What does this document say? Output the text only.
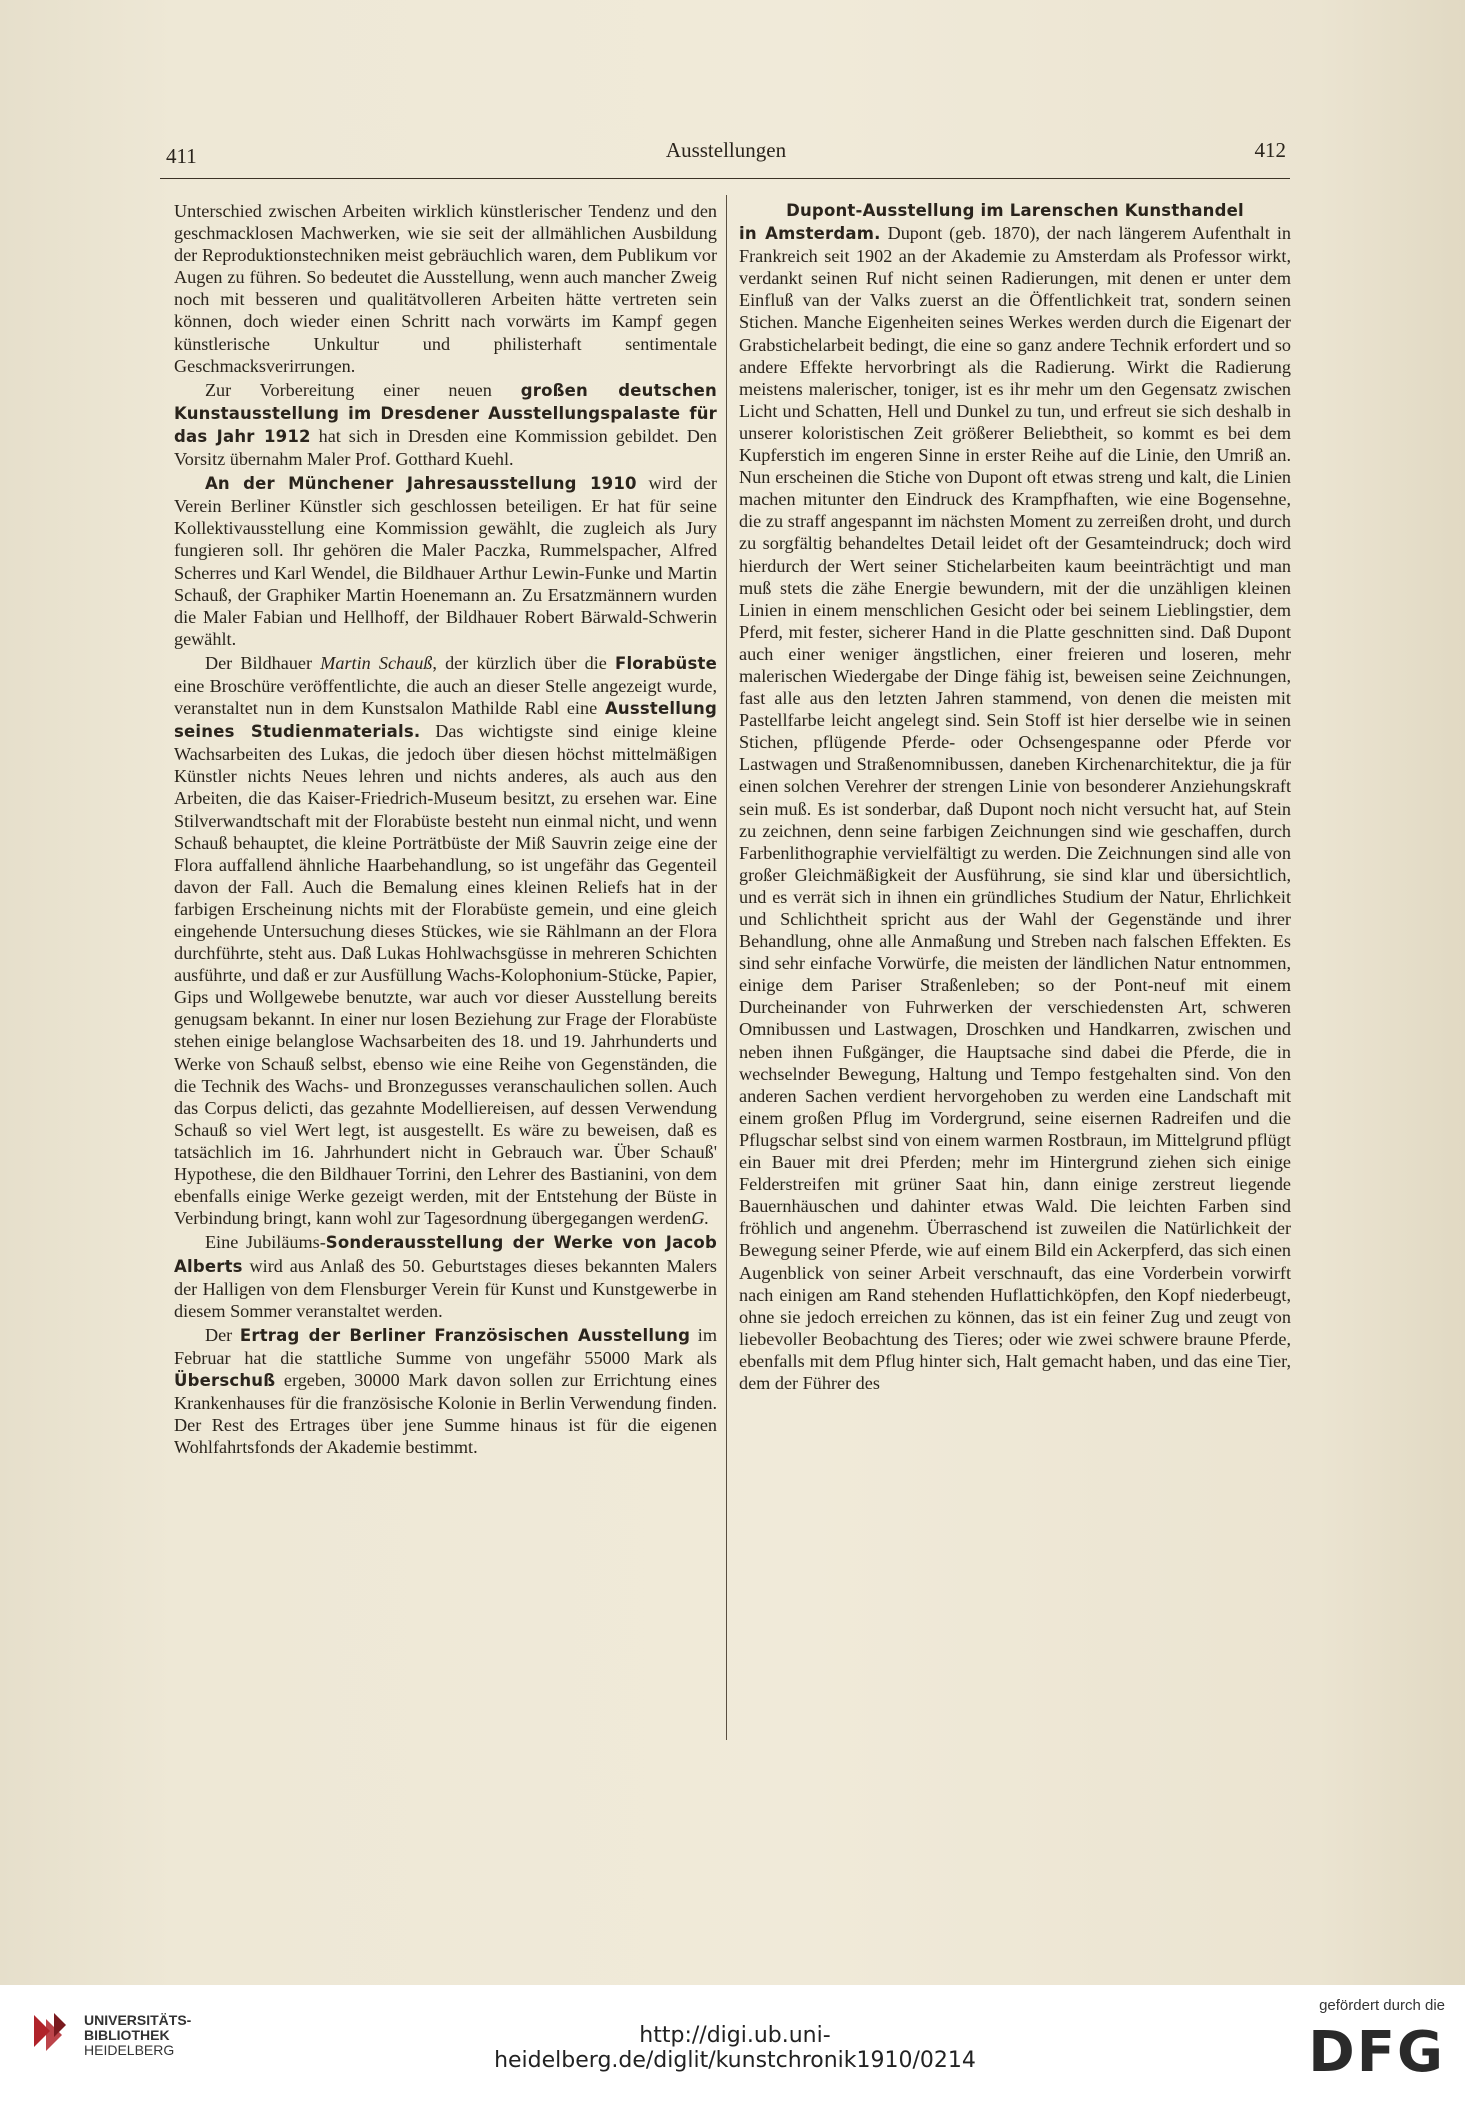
411	Ausstellungen	412

Unterschied zwischen Arbeiten wirklich künstlerischer Tendenz und den geschmacklosen Machwerken, wie sie seit der allmählichen Ausbildung der Reproduktionstechniken meist gebräuchlich waren, dem Publikum vor Augen zu führen. So bedeutet die Ausstellung, wenn auch mancher Zweig noch mit besseren und qualitätvolleren Arbeiten hätte vertreten sein können, doch wieder einen Schritt nach vorwärts im Kampf gegen künstlerische Unkultur und philisterhaft sentimentale Geschmacksverirrungen.

Zur Vorbereitung einer neuen großen deutschen Kunstausstellung im Dresdener Ausstellungspalaste für das Jahr 1912 hat sich in Dresden eine Kommission gebildet. Den Vorsitz übernahm Maler Prof. Gotthard Kuehl.

An der Münchener Jahresausstellung 1910 wird der Verein Berliner Künstler sich geschlossen beteiligen. Er hat für seine Kollektivausstellung eine Kommission gewählt, die zugleich als Jury fungieren soll. Ihr gehören die Maler Paczka, Rummelspacher, Alfred Scherres und Karl Wendel, die Bildhauer Arthur Lewin-Funke und Martin Schauß, der Graphiker Martin Hoenemann an. Zu Ersatzmännern wurden die Maler Fabian und Hellhoff, der Bildhauer Robert Bärwald-Schwerin gewählt.

Der Bildhauer Martin Schauß, der kürzlich über die Florabüste eine Broschüre veröffentlichte, die auch an dieser Stelle angezeigt wurde, veranstaltet nun in dem Kunstsalon Mathilde Rabl eine Ausstellung seines Studienmaterials. Das wichtigste sind einige kleine Wachsarbeiten des Lukas, die jedoch über diesen höchst mittelmäßigen Künstler nichts Neues lehren und nichts anderes, als auch aus den Arbeiten, die das Kaiser-Friedrich-Museum besitzt, zu ersehen war. Eine Stilverwandtschaft mit der Florabüste besteht nun einmal nicht, und wenn Schauß behauptet, die kleine Porträtbüste der Miß Sauvrin zeige eine der Flora auffallend ähnliche Haarbehandlung, so ist ungefähr das Gegenteil davon der Fall. Auch die Bemalung eines kleinen Reliefs hat in der farbigen Erscheinung nichts mit der Florabüste gemein, und eine gleich eingehende Untersuchung dieses Stückes, wie sie Rählmann an der Flora durchführte, steht aus. Daß Lukas Hohlwachsgüsse in mehreren Schichten ausführte, und daß er zur Ausfüllung Wachs-Kolophonium-Stücke, Papier, Gips und Wollgewebe benutzte, war auch vor dieser Ausstellung bereits genugsam bekannt. In einer nur losen Beziehung zur Frage der Florabüste stehen einige belanglose Wachsarbeiten des 18. und 19. Jahrhunderts und Werke von Schauß selbst, ebenso wie eine Reihe von Gegenständen, die die Technik des Wachs- und Bronzegusses veranschaulichen sollen. Auch das Corpus delicti, das gezahnte Modelliereisen, auf dessen Verwendung Schauß so viel Wert legt, ist ausgestellt. Es wäre zu beweisen, daß es tatsächlich im 16. Jahrhundert nicht in Gebrauch war. Über Schauß' Hypothese, die den Bildhauer Torrini, den Lehrer des Bastianini, von dem ebenfalls einige Werke gezeigt werden, mit der Entstehung der Büste in Verbindung bringt, kann wohl zur Tagesordnung übergegangen werden.
G.

Eine Jubiläums-Sonderausstellung der Werke von Jacob Alberts wird aus Anlaß des 50. Geburtstages dieses bekannten Malers der Halligen von dem Flensburger Verein für Kunst und Kunstgewerbe in diesem Sommer veranstaltet werden.

Der Ertrag der Berliner Französischen Ausstellung im Februar hat die stattliche Summe von ungefähr 55000 Mark als Überschuß ergeben, 30000 Mark davon sollen zur Errichtung eines Krankenhauses für die französische Kolonie in Berlin Verwendung finden. Der Rest des Ertrages über jene Summe hinaus ist für die eigenen Wohlfahrtsfonds der Akademie bestimmt.

Dupont-Ausstellung im Larenschen Kunsthandel
in Amsterdam. Dupont (geb. 1870), der nach längerem Aufenthalt in Frankreich seit 1902 an der Akademie zu Amsterdam als Professor wirkt, verdankt seinen Ruf nicht seinen Radierungen, mit denen er unter dem Einfluß van der Valks zuerst an die Öffentlichkeit trat, sondern seinen Stichen. Manche Eigenheiten seines Werkes werden durch die Eigenart der Grabstichelarbeit bedingt, die eine so ganz andere Technik erfordert und so andere Effekte hervorbringt als die Radierung. Wirkt die Radierung meistens malerischer, toniger, ist es ihr mehr um den Gegensatz zwischen Licht und Schatten, Hell und Dunkel zu tun, und erfreut sie sich deshalb in unserer koloristischen Zeit größerer Beliebtheit, so kommt es bei dem Kupferstich im engeren Sinne in erster Reihe auf die Linie, den Umriß an. Nun erscheinen die Stiche von Dupont oft etwas streng und kalt, die Linien machen mitunter den Eindruck des Krampfhaften, wie eine Bogensehne, die zu straff angespannt im nächsten Moment zu zerreißen droht, und durch zu sorgfältig behandeltes Detail leidet oft der Gesamteindruck; doch wird hierdurch der Wert seiner Stichelarbeiten kaum beeinträchtigt und man muß stets die zähe Energie bewundern, mit der die unzähligen kleinen Linien in einem menschlichen Gesicht oder bei seinem Lieblingstier, dem Pferd, mit fester, sicherer Hand in die Platte geschnitten sind. Daß Dupont auch einer weniger ängstlichen, einer freieren und loseren, mehr malerischen Wiedergabe der Dinge fähig ist, beweisen seine Zeichnungen, fast alle aus den letzten Jahren stammend, von denen die meisten mit Pastellfarbe leicht angelegt sind. Sein Stoff ist hier derselbe wie in seinen Stichen, pflügende Pferde- oder Ochsengespanne oder Pferde vor Lastwagen und Straßenomnibussen, daneben Kirchenarchitektur, die ja für einen solchen Verehrer der strengen Linie von besonderer Anziehungskraft sein muß. Es ist sonderbar, daß Dupont noch nicht versucht hat, auf Stein zu zeichnen, denn seine farbigen Zeichnungen sind wie geschaffen, durch Farbenlithographie vervielfältigt zu werden. Die Zeichnungen sind alle von großer Gleichmäßigkeit der Ausführung, sie sind klar und übersichtlich, und es verrät sich in ihnen ein gründliches Studium der Natur, Ehrlichkeit und Schlichtheit spricht aus der Wahl der Gegenstände und ihrer Behandlung, ohne alle Anmaßung und Streben nach falschen Effekten. Es sind sehr einfache Vorwürfe, die meisten der ländlichen Natur entnommen, einige dem Pariser Straßenleben; so der Pont-neuf mit einem Durcheinander von Fuhrwerken der verschiedensten Art, schweren Omnibussen und Lastwagen, Droschken und Handkarren, zwischen und neben ihnen Fußgänger, die Hauptsache sind dabei die Pferde, die in wechselnder Bewegung, Haltung und Tempo festgehalten sind. Von den anderen Sachen verdient hervorgehoben zu werden eine Landschaft mit einem großen Pflug im Vordergrund, seine eisernen Radreifen und die Pflugschar selbst sind von einem warmen Rostbraun, im Mittelgrund pflügt ein Bauer mit drei Pferden; mehr im Hintergrund ziehen sich einige Felderstreifen mit grüner Saat hin, dann einige zerstreut liegende Bauernhäuschen und dahinter etwas Wald. Die leichten Farben sind fröhlich und angenehm. Überraschend ist zuweilen die Natürlichkeit der Bewegung seiner Pferde, wie auf einem Bild ein Ackerpferd, das sich einen Augenblick von seiner Arbeit verschnauft, das eine Vorderbein vorwirft nach einigen am Rand stehenden Huflattichköpfen, den Kopf niederbeugt, ohne sie jedoch erreichen zu können, das ist ein feiner Zug und zeugt von liebevoller Beobachtung des Tieres; oder wie zwei schwere braune Pferde, ebenfalls mit dem Pflug hinter sich, Halt gemacht haben, und das eine Tier, dem der Führer des

UNIVERSITÄTS-
BIBLIOTHEK
HEIDELBERG
http://digi.ub.uni-heidelberg.de/diglit/kunstchronik1910/0214
gefördert durch die
DFG
